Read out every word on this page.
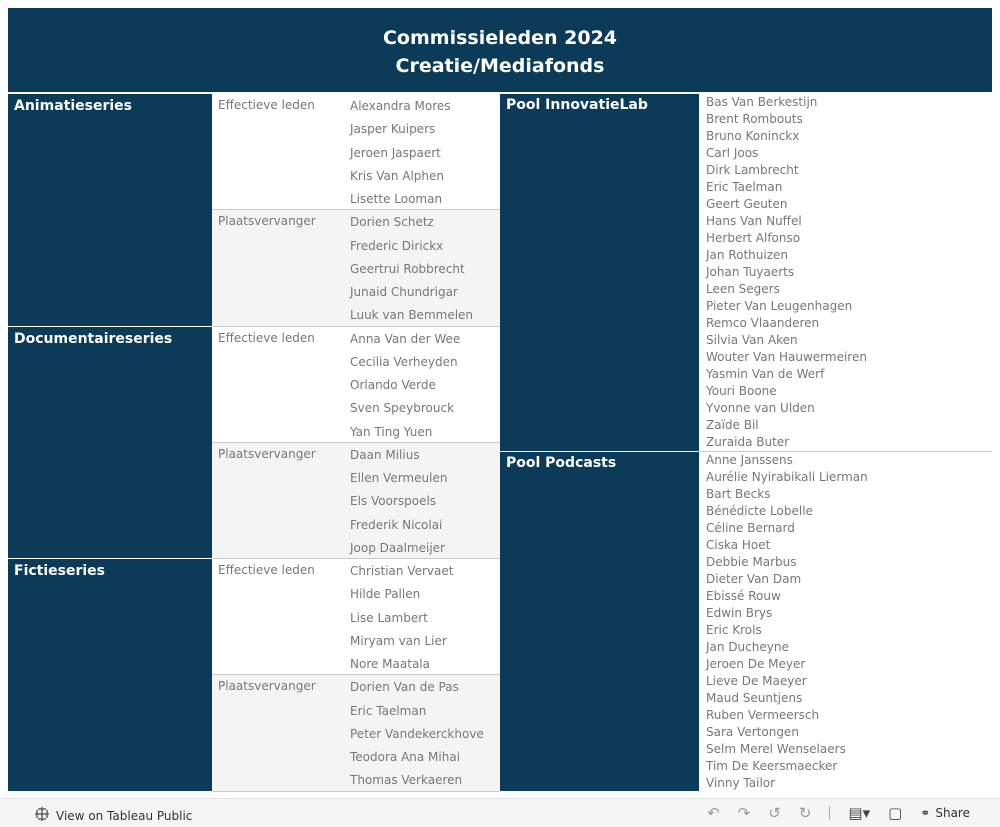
Commissieleden 2024
Creatie/Mediafonds
Animatieseries	Effectieve leden	Alexandra Mores
Jasper Kuipers
Jeroen Jaspaert
Kris Van Alphen
Lisette Looman
Plaatsvervanger	Dorien Schetz
Frederic Dirickx
Geertrui Robbrecht
Junaid Chundrigar
Luuk van Bemmelen
Documentaireseries	Effectieve leden	Anna Van der Wee
Cecilia Verheyden
Orlando Verde
Sven Speybrouck
Yan Ting Yuen
Plaatsvervanger	Daan Milius
Ellen Vermeulen
Els Voorspoels
Frederik Nicolai
Joop Daalmeijer
Fictieseries	Effectieve leden	Christian Vervaet
Hilde Pallen
Lise Lambert
Miryam van Lier
Nore Maatala
Plaatsvervanger	Dorien Van de Pas
Eric Taelman
Peter Vandekerckhove
Teodora Ana Mihai
Thomas Verkaeren
Pool InnovatieLab	Bas Van Berkestijn
Brent Rombouts
Bruno Koninckx
Carl Joos
Dirk Lambrecht
Eric Taelman
Geert Geuten
Hans Van Nuffel
Herbert Alfonso
Jan Rothuizen
Johan Tuyaerts
Leen Segers
Pieter Van Leugenhagen
Remco Vlaanderen
Silvia Van Aken
Wouter Van Hauwermeiren
Yasmin Van de Werf
Youri Boone
Yvonne van Ulden
Zaïde Bil
Zuraida Buter
Pool Podcasts	Anne Janssens
Aurélie Nyirabikali Lierman
Bart Becks
Bénédicte Lobelle
Céline Bernard
Ciska Hoet
Debbie Marbus
Dieter Van Dam
Ebissé Rouw
Edwin Brys
Eric Krols
Jan Ducheyne
Jeroen De Meyer
Lieve De Maeyer
Maud Seuntjens
Ruben Vermeersch
Sara Vertongen
Selm Merel Wenselaers
Tim De Keersmaecker
Vinny Tailor
View on Tableau Public	↶ ↷ ↺ ↻ ▤▾ ▢ ⚭ Share
